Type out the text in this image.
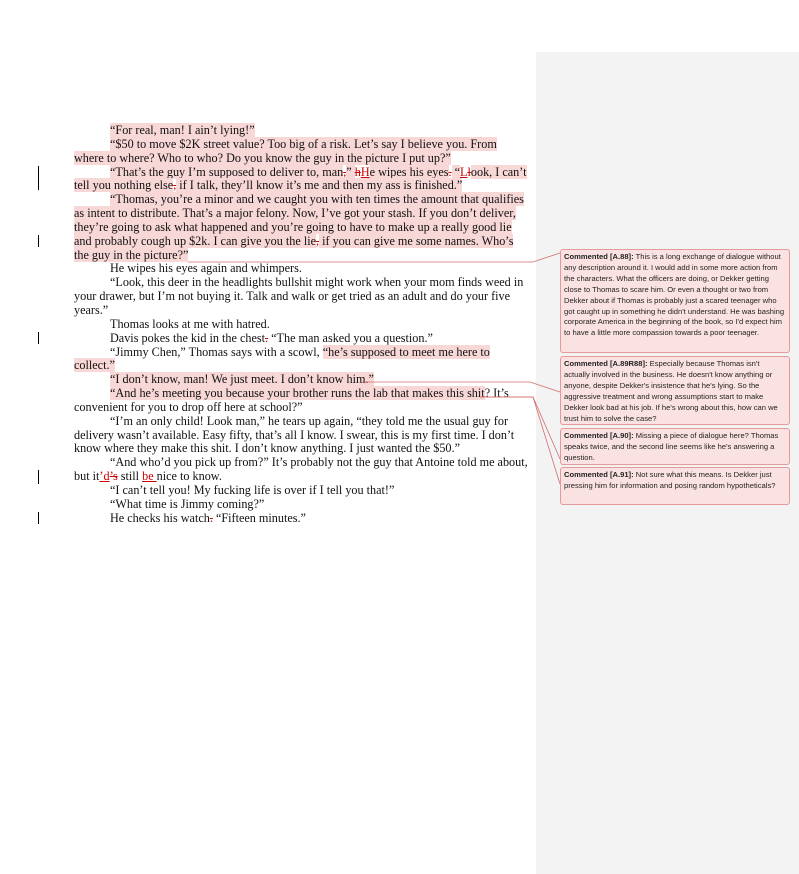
“For real, man! I ain’t lying!”

“$50 to move $2K street value? Too big of a risk. Let’s say I believe you. From where to where? Who to who? Do you know the guy in the picture I put up?”

“That’s the guy I’m supposed to deliver to, man,” hHe wipes his eyes. “Llook, I can’t tell you nothing else, if I talk, they’ll know it’s me and then my ass is finished.”

“Thomas, you’re a minor and we caught you with ten times the amount that qualifies as intent to distribute. That’s a major felony. Now, I’ve got your stash. If you don’t deliver, they’re going to ask what happened and you’re going to have to make up a really good lie and probably cough up $2k. I can give you the lie, if you can give me some names. Who’s the guy in the picture?”

He wipes his eyes again and whimpers.

“Look, this deer in the headlights bullshit might work when your mom finds weed in your drawer, but I’m not buying it. Talk and walk or get tried as an adult and do your five years.”

Thomas looks at me with hatred.

Davis pokes the kid in the chest. “The man asked you a question.”

“Jimmy Chen,” Thomas says with a scowl, “he’s supposed to meet me here to collect.”

“I don’t know, man! We just meet. I don’t know him.”

“And he’s meeting you because your brother runs the lab that makes this shit? It’s convenient for you to drop off here at school?”

“I’m an only child! Look man,” he tears up again, “they told me the usual guy for delivery wasn’t available. Easy fifty, that’s all I know. I swear, this is my first time. I don’t know where they make this shit. I don’t know anything. I just wanted the $50.”

“And who’d you pick up from?” It’s probably not the guy that Antoine told me about, but it’d’s still be nice to know.

“I can’t tell you! My fucking life is over if I tell you that!”

“What time is Jimmy coming?”

He checks his watch. “Fifteen minutes.”

Commented [A.88]: This is a long exchange of dialogue without any description around it. I would add in some more action from the characters. What the officers are doing, or Dekker getting close to Thomas to scare him. Or even a thought or two from Dekker about if Thomas is probably just a scared teenager who got caught up in something he didn't understand. He was bashing corporate America in the beginning of the book, so I'd expect him to have a little more compassion towards a poor teenager.
Commented [A.89R88]: Especially because Thomas isn't actually involved in the business. He doesn't know anything or anyone, despite Dekker's insistence that he's lying. So the aggressive treatment and wrong assumptions start to make Dekker look bad at his job. If he's wrong about this, how can we trust him to solve the case?
Commented [A.90]: Missing a piece of dialogue here? Thomas speaks twice, and the second line seems like he's answering a question.
Commented [A.91]: Not sure what this means. Is Dekker just pressing him for information and posing random hypotheticals?
